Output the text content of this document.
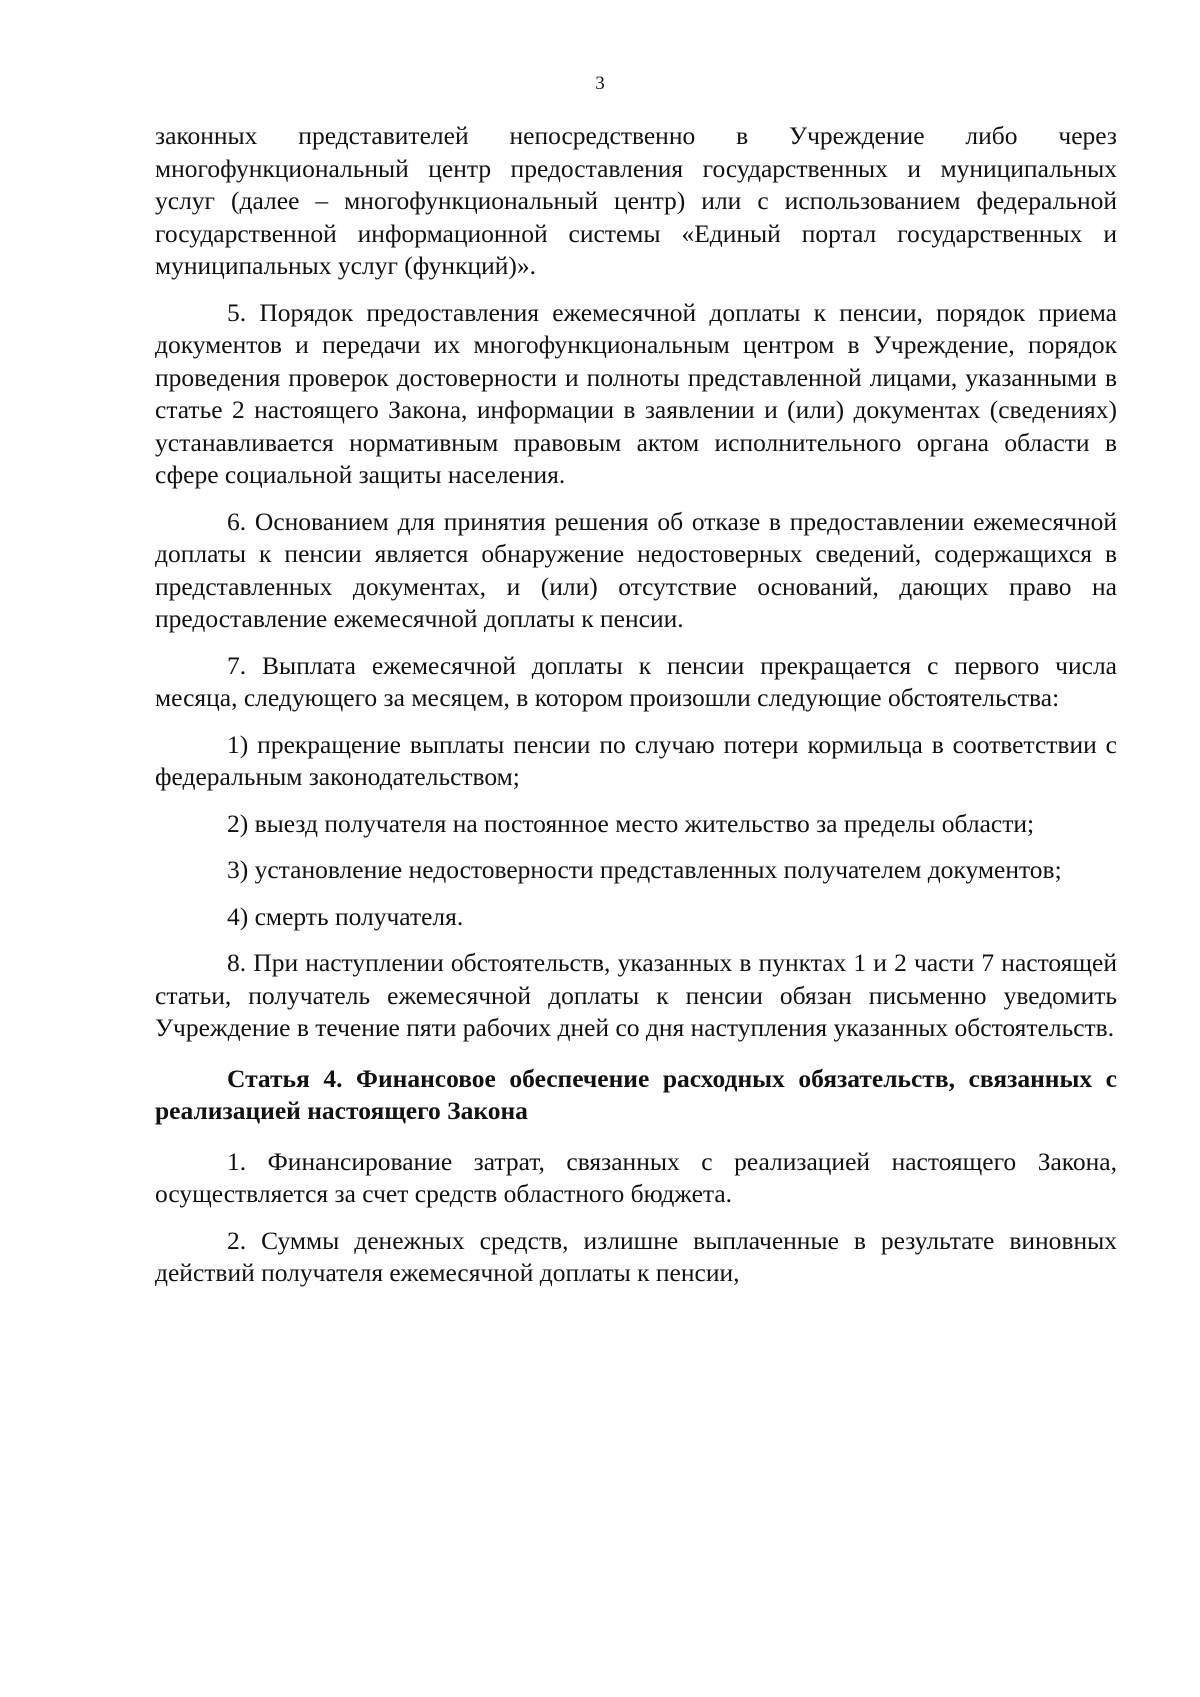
3

законных представителей непосредственно в Учреждение либо через многофункциональный центр предоставления государственных и муниципальных услуг (далее – многофункциональный центр) или с использованием федеральной государственной информационной системы «Единый портал государственных и муниципальных услуг (функций)».

5. Порядок предоставления ежемесячной доплаты к пенсии, порядок приема документов и передачи их многофункциональным центром в Учреждение, порядок проведения проверок достоверности и полноты представленной лицами, указанными в статье 2 настоящего Закона, информации в заявлении и (или) документах (сведениях) устанавливается нормативным правовым актом исполнительного органа области в сфере социальной защиты населения.

6. Основанием для принятия решения об отказе в предоставлении ежемесячной доплаты к пенсии является обнаружение недостоверных сведений, содержащихся в представленных документах, и (или) отсутствие оснований, дающих право на предоставление ежемесячной доплаты к пенсии.

7. Выплата ежемесячной доплаты к пенсии прекращается с первого числа месяца, следующего за месяцем, в котором произошли следующие обстоятельства:

1) прекращение выплаты пенсии по случаю потери кормильца в соответствии с федеральным законодательством;

2) выезд получателя на постоянное место жительство за пределы области;

3) установление недостоверности представленных получателем документов;

4) смерть получателя.

8. При наступлении обстоятельств, указанных в пунктах 1 и 2 части 7 настоящей статьи, получатель ежемесячной доплаты к пенсии обязан письменно уведомить Учреждение в течение пяти рабочих дней со дня наступления указанных обстоятельств.

Статья 4. Финансовое обеспечение расходных обязательств, связанных с реализацией настоящего Закона

1. Финансирование затрат, связанных с реализацией настоящего Закона, осуществляется за счет средств областного бюджета.

2. Суммы денежных средств, излишне выплаченные в результате виновных действий получателя ежемесячной доплаты к пенсии,
